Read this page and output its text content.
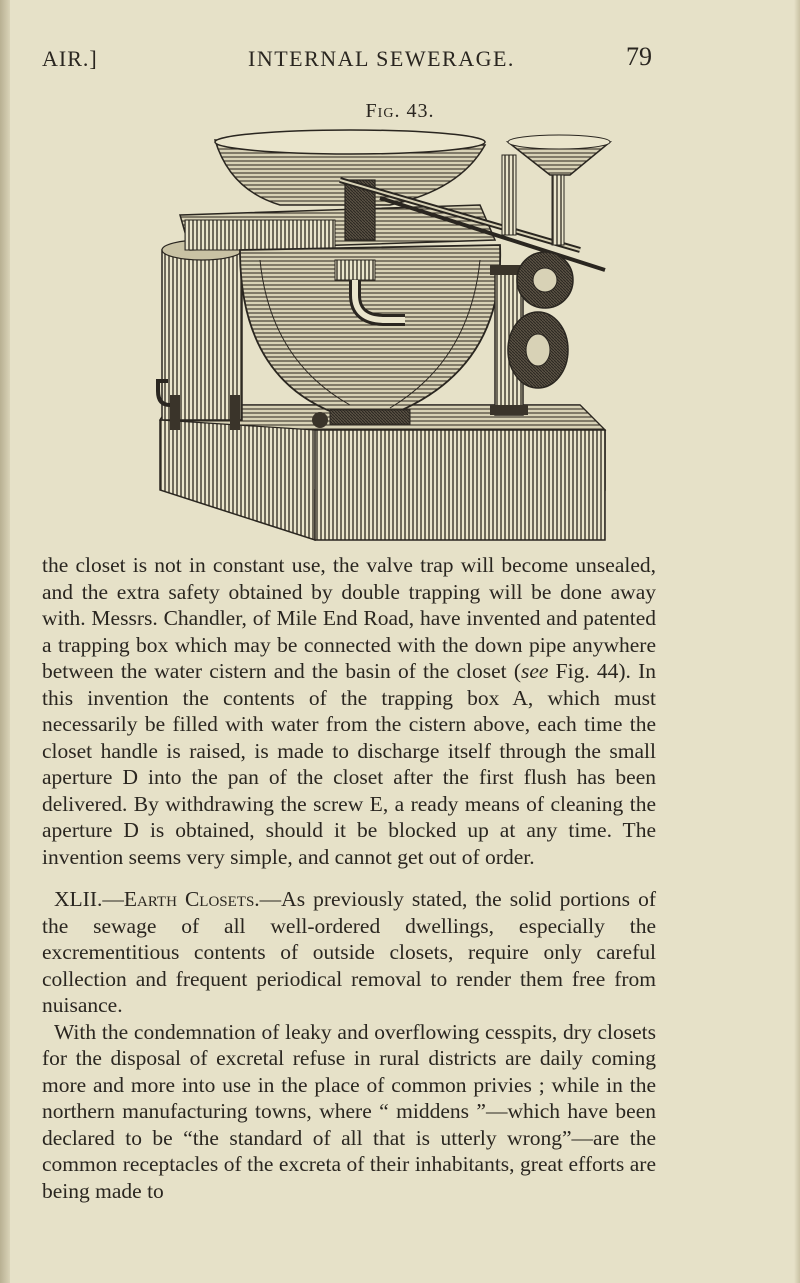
AIR.]	INTERNAL SEWERAGE.	79
Fig. 43.

the closet is not in constant use, the valve trap will become unsealed, and the extra safety obtained by double trapping will be done away with. Messrs. Chandler, of Mile End Road, have invented and patented a trapping box which may be connected with the down pipe anywhere between the water cistern and the basin of the closet (see Fig. 44). In this invention the contents of the trapping box A, which must necessarily be filled with water from the cistern above, each time the closet handle is raised, is made to discharge itself through the small aperture D into the pan of the closet after the first flush has been delivered. By withdrawing the screw E, a ready means of cleaning the aperture D is obtained, should it be blocked up at any time. The invention seems very simple, and cannot get out of order.

XLII.—Earth Closets.—As previously stated, the solid portions of the sewage of all well-ordered dwellings, especially the excrementitious contents of outside closets, require only careful collection and frequent periodical removal to render them free from nuisance.

With the condemnation of leaky and overflowing cesspits, dry closets for the disposal of excretal refuse in rural districts are daily coming more and more into use in the place of common privies ; while in the northern manufacturing towns, where “ middens ”—which have been declared to be “the standard of all that is utterly wrong”—are the common receptacles of the excreta of their inhabitants, great efforts are being made to
